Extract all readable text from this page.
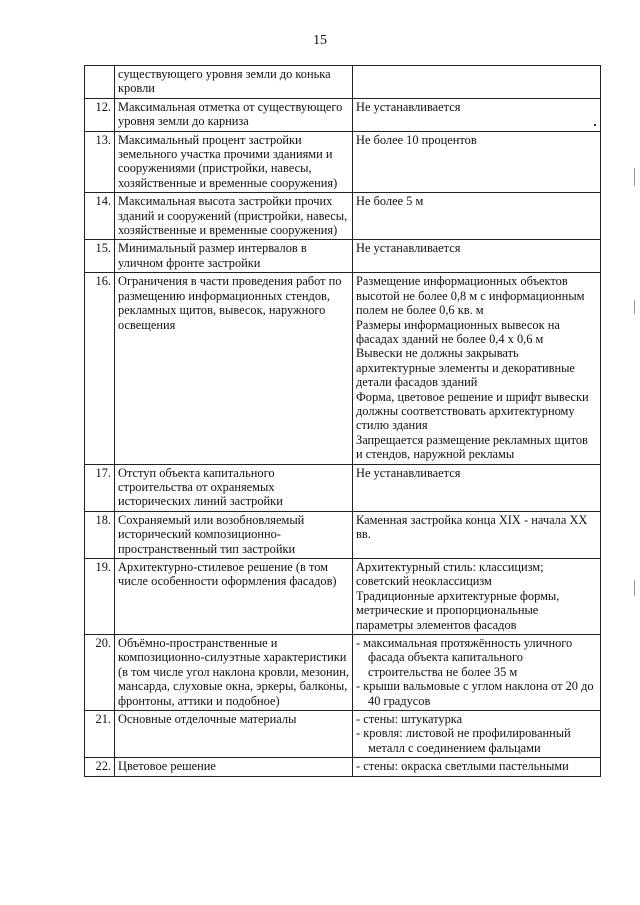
15
	существующего уровня земли до конька кровли	

12.	Максимальная отметка от существующего уровня земли до карниза	Не устанавливается

13.	Максимальный процент застройки земельного участка прочими зданиями и сооружениями (пристройки, навесы, хозяйственные и временные сооружения)	Не более 10 процентов

14.	Максимальная высота застройки прочих зданий и сооружений (пристройки, навесы, хозяйственные и временные сооружения)	Не более 5 м

15.	Минимальный размер интервалов в уличном фронте застройки	Не устанавливается

16.	Ограничения в части проведения работ по размещению информационных стендов, рекламных щитов, вывесок, наружного освещения	Размещение информационных объектов высотой не более 0,8 м с информационным полем не более 0,6 кв. м
Размеры информационных вывесок на фасадах зданий не более 0,4 х 0,6 м
Вывески не должны закрывать архитектурные элементы и декоративные детали фасадов зданий
Форма, цветовое решение и шрифт вывески должны соответствовать архитектурному стилю здания
Запрещается размещение рекламных щитов и стендов, наружной рекламы

17.	Отступ объекта капитального строительства от охраняемых исторических линий застройки	Не устанавливается

18.	Сохраняемый или возобновляемый исторический композиционно-пространственный тип застройки	Каменная застройка конца XIX - начала XX вв.

19.	Архитектурно-стилевое решение (в том числе особенности оформления фасадов)	Архитектурный стиль: классицизм; советский неоклассицизм
Традиционные архитектурные формы, метрические и пропорциональные параметры элементов фасадов

20.	Объёмно-пространственные и композиционно-силуэтные характеристики (в том числе угол наклона кровли, мезонин, мансарда, слуховые окна, эркеры, балконы, фронтоны, аттики и подобное)	- максимальная протяжённость уличного фасада объекта капитального строительства не более 35 м
- крыши вальмовые с углом наклона от 20 до 40 градусов

21.	Основные отделочные материалы	- стены: штукатурка
- кровля: листовой не профилированный металл с соединением фальцами

22.	Цветовое решение	- стены: окраска светлыми пастельными
